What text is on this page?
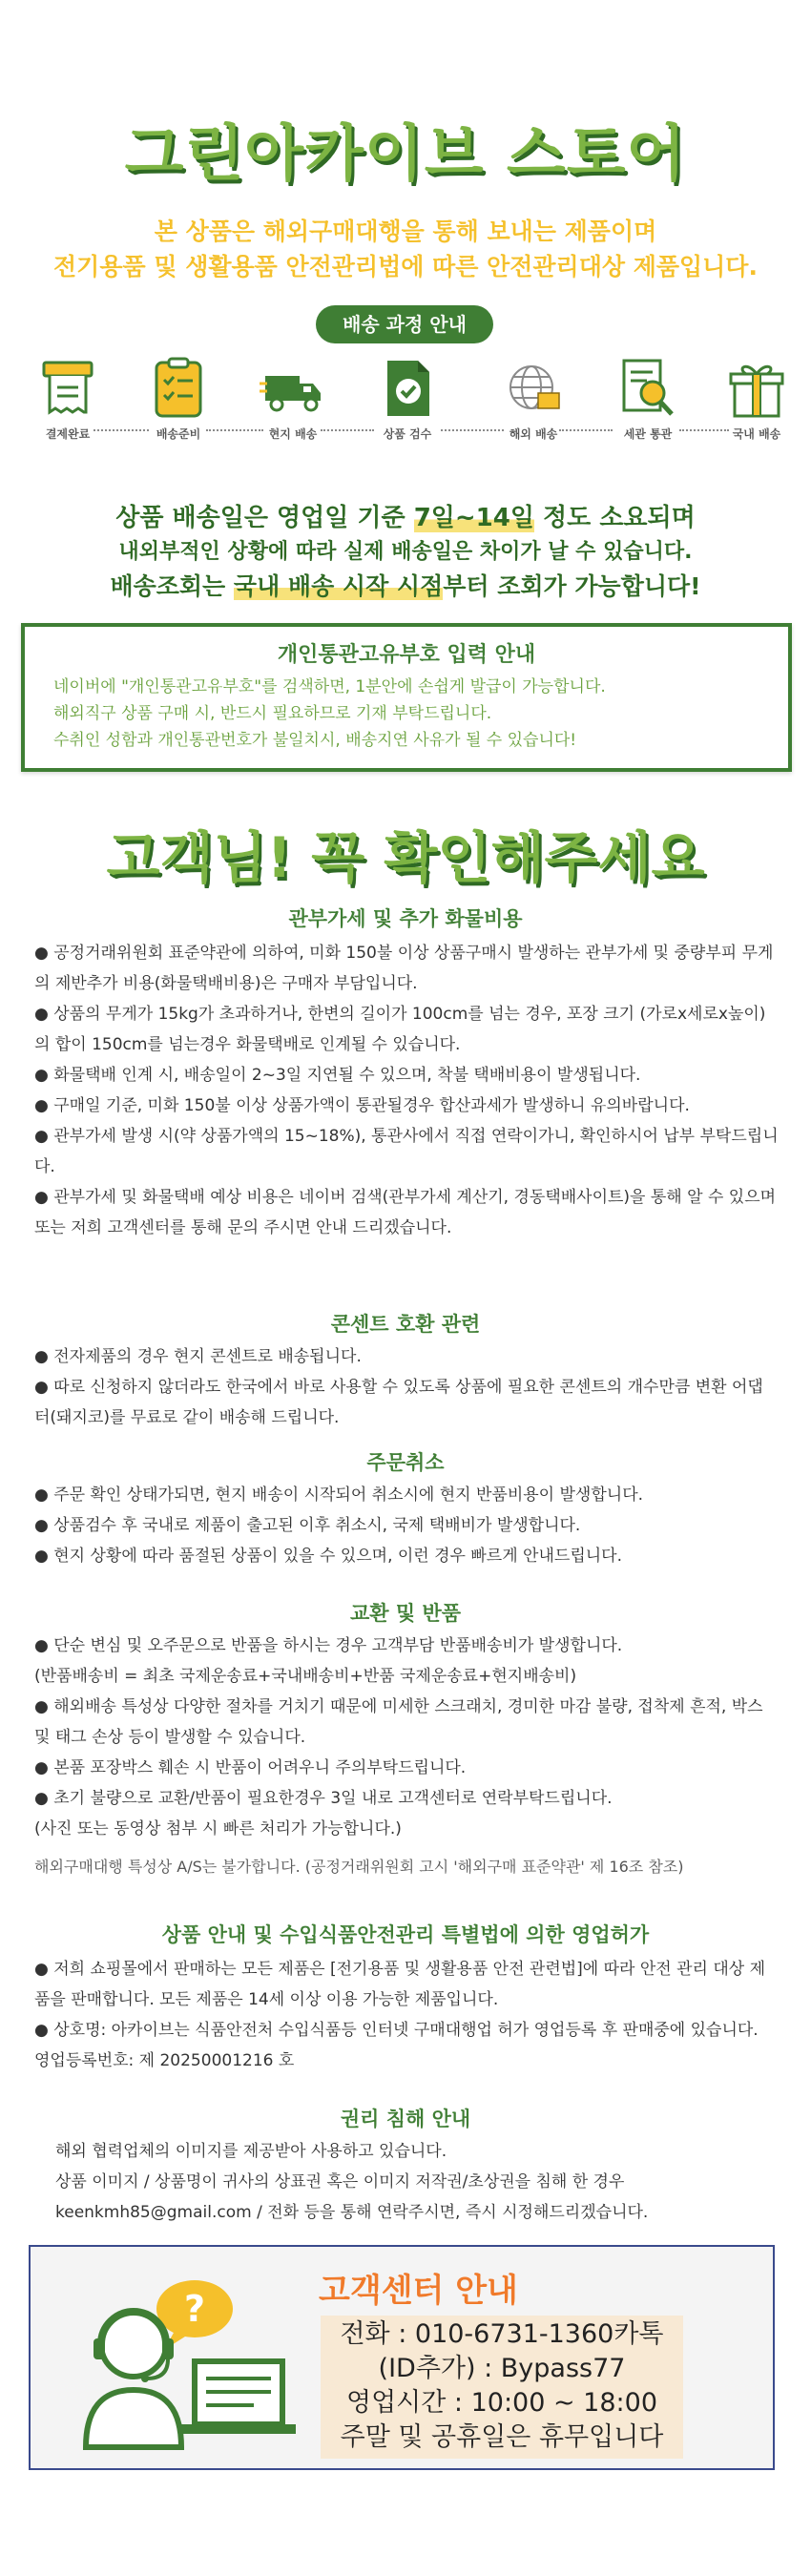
그린아카이브 스토어
본 상품은 해외구매대행을 통해 보내는 제품이며
전기용품 및 생활용품 안전관리법에 따른 안전관리대상 제품입니다.
배송 과정 안내
결제완료	배송준비	현지 배송	상품 검수	해외 배송	세관 통관	국내 배송
상품 배송일은 영업일 기준 7일~14일 정도 소요되며
내외부적인 상황에 따라 실제 배송일은 차이가 날 수 있습니다.
배송조회는 국내 배송 시작 시점부터 조회가 가능합니다!
개인통관고유부호 입력 안내
네이버에 "개인통관고유부호"를 검색하면, 1분안에 손쉽게 발급이 가능합니다.
해외직구 상품 구매 시, 반드시 필요하므로 기재 부탁드립니다.
수취인 성함과 개인통관번호가 불일치시, 배송지연 사유가 될 수 있습니다!
고객님! 꼭 확인해주세요
관부가세 및 추가 화물비용
● 공정거래위원회 표준약관에 의하여, 미화 150불 이상 상품구매시 발생하는 관부가세 및 중량부피 무게의 제반추가 비용(화물택배비용)은 구매자 부담입니다.
● 상품의 무게가 15kg가 초과하거나, 한변의 길이가 100cm를 넘는 경우, 포장 크기 (가로x세로x높이)의 합이 150cm를 넘는경우 화물택배로 인계될 수 있습니다.
● 화물택배 인계 시, 배송일이 2~3일 지연될 수 있으며, 착불 택배비용이 발생됩니다.
● 구매일 기준, 미화 150불 이상 상품가액이 통관될경우 합산과세가 발생하니 유의바랍니다.
● 관부가세 발생 시(약 상품가액의 15~18%), 통관사에서 직접 연락이가니, 확인하시어 납부 부탁드립니다.
● 관부가세 및 화물택배 예상 비용은 네이버 검색(관부가세 계산기, 경동택배사이트)을 통해 알 수 있으며 또는 저희 고객센터를 통해 문의 주시면 안내 드리겠습니다.
콘센트 호환 관련
● 전자제품의 경우 현지 콘센트로 배송됩니다.
● 따로 신청하지 않더라도 한국에서 바로 사용할 수 있도록 상품에 필요한 콘센트의 개수만큼 변환 어댑터(돼지코)를 무료로 같이 배송해 드립니다.
주문취소
● 주문 확인 상태가되면, 현지 배송이 시작되어 취소시에 현지 반품비용이 발생합니다.
● 상품검수 후 국내로 제품이 출고된 이후 취소시, 국제 택배비가 발생합니다.
● 현지 상황에 따라 품절된 상품이 있을 수 있으며, 이런 경우 빠르게 안내드립니다.
교환 및 반품
● 단순 변심 및 오주문으로 반품을 하시는 경우 고객부담 반품배송비가 발생합니다.
(반품배송비 = 최초 국제운송료+국내배송비+반품 국제운송료+현지배송비)
● 해외배송 특성상 다양한 절차를 거치기 때문에 미세한 스크래치, 경미한 마감 불량, 접착제 흔적, 박스 및 태그 손상 등이 발생할 수 있습니다.
● 본품 포장박스 훼손 시 반품이 어려우니 주의부탁드립니다.
● 초기 불량으로 교환/반품이 필요한경우 3일 내로 고객센터로 연락부탁드립니다.
(사진 또는 동영상 첨부 시 빠른 처리가 가능합니다.)
해외구매대행 특성상 A/S는 불가합니다. (공정거래위원회 고시 '해외구매 표준약관' 제 16조 참조)
상품 안내 및 수입식품안전관리 특별법에 의한 영업허가
● 저희 쇼핑몰에서 판매하는 모든 제품은 [전기용품 및 생활용품 안전 관련법]에 따라 안전 관리 대상 제품을 판매합니다. 모든 제품은 14세 이상 이용 가능한 제품입니다.
● 상호명: 아카이브는 식품안전처 수입식품등 인터넷 구매대행업 허가 영업등록 후 판매중에 있습니다. 영업등록번호: 제 20250001216 호
권리 침해 안내
해외 협력업체의 이미지를 제공받아 사용하고 있습니다.
상품 이미지 / 상품명이 귀사의 상표권 혹은 이미지 저작권/초상권을 침해 한 경우
keenkmh85@gmail.com / 전화 등을 통해 연락주시면, 즉시 시정해드리겠습니다.
?	고객센터 안내
전화 : 010-6731-1360카톡
(ID추가) : Bypass77
영업시간 : 10:00 ~ 18:00
주말 및 공휴일은 휴무입니다
